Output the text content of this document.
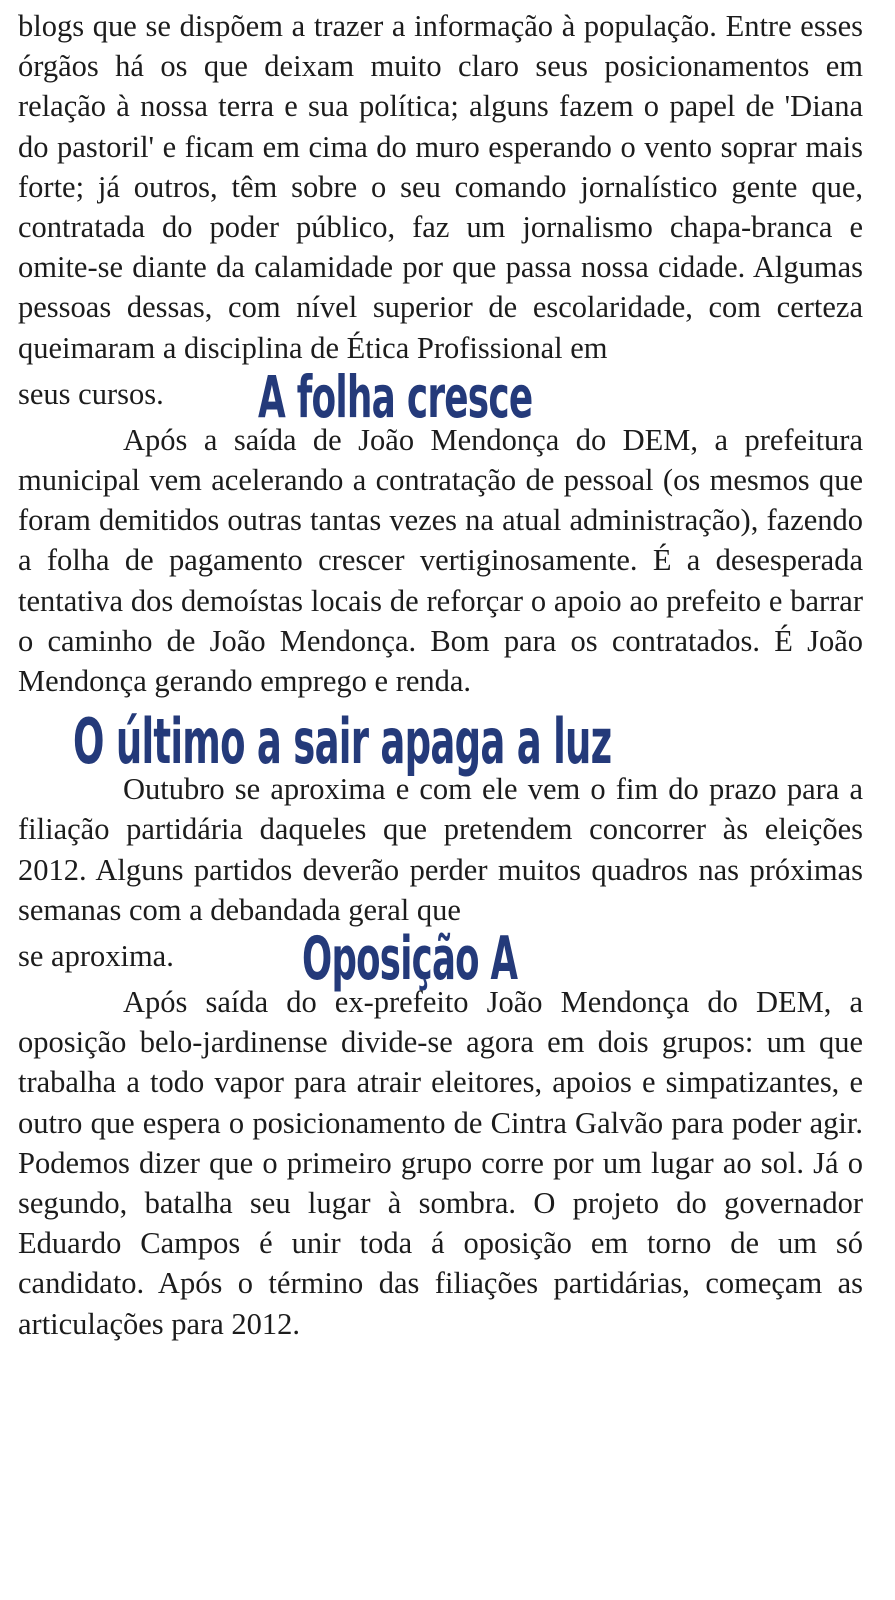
blogs que se dispõem a trazer a informação à população. Entre esses órgãos há os que deixam muito claro seus posicionamentos em relação à nossa terra e sua política; alguns fazem o papel de 'Diana do pastoril' e ficam em cima do muro esperando o vento soprar mais forte; já outros, têm sobre o seu comando jornalístico gente que, contratada do poder público, faz um jornalismo chapa-branca e omite-se diante da calamidade por que passa nossa cidade. Algumas pessoas dessas, com nível superior de escolaridade, com certeza queimaram a disciplina de Ética Profissional em

seus cursos. A folha cresce

Após a saída de João Mendonça do DEM, a prefeitura municipal vem acelerando a contratação de pessoal (os mesmos que foram demitidos outras tantas vezes na atual administração), fazendo a folha de pagamento crescer vertiginosamente. É a desesperada tentativa dos demoístas locais de reforçar o apoio ao prefeito e barrar o caminho de João Mendonça. Bom para os contratados. É João Mendonça gerando emprego e renda.

O último a sair apaga a luz

Outubro se aproxima e com ele vem o fim do prazo para a filiação partidária daqueles que pretendem concorrer às eleições 2012. Alguns partidos deverão perder muitos quadros nas próximas semanas com a debandada geral que

se aproxima.	Oposição A

Após saída do ex-prefeito João Mendonça do DEM, a oposição belo-jardinense divide-se agora em dois grupos: um que trabalha a todo vapor para atrair eleitores, apoios e simpatizantes, e outro que espera o posicionamento de Cintra Galvão para poder agir. Podemos dizer que o primeiro grupo corre por um lugar ao sol. Já o segundo, batalha seu lugar à sombra. O projeto do governador Eduardo Campos é unir toda á oposição em torno de um só candidato. Após o término das filiações partidárias, começam as articulações para 2012.
